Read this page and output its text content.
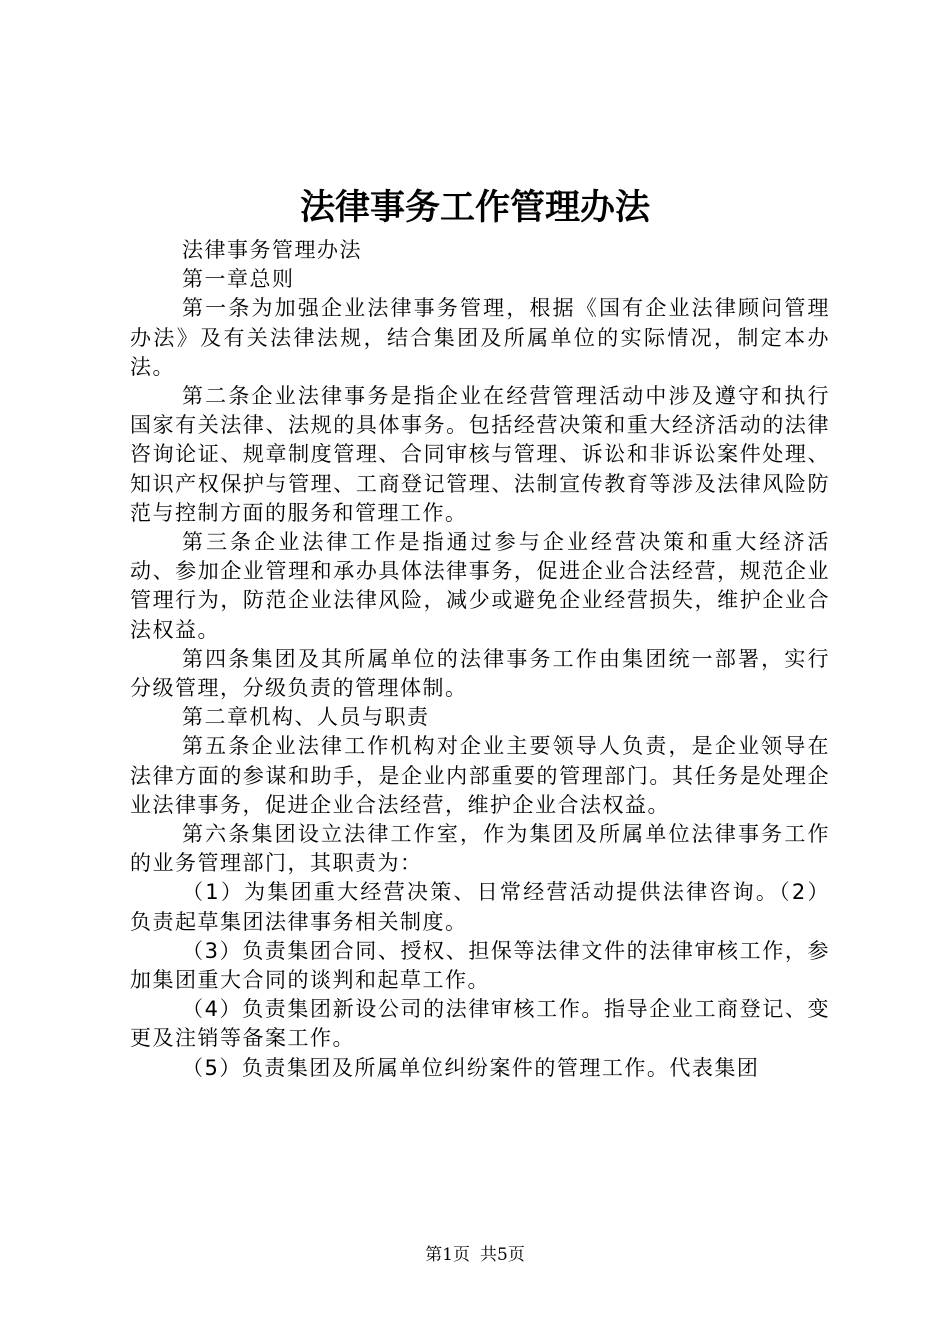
法律事务工作管理办法

法律事务管理办法

第一章总则

第一条为加强企业法律事务管理，根据《国有企业法律顾问管理办法》及有关法律法规，结合集团及所属单位的实际情况，制定本办法。

第二条企业法律事务是指企业在经营管理活动中涉及遵守和执行国家有关法律、法规的具体事务。包括经营决策和重大经济活动的法律咨询论证、规章制度管理、合同审核与管理、诉讼和非诉讼案件处理、知识产权保护与管理、工商登记管理、法制宣传教育等涉及法律风险防范与控制方面的服务和管理工作。

第三条企业法律工作是指通过参与企业经营决策和重大经济活动、参加企业管理和承办具体法律事务，促进企业合法经营，规范企业管理行为，防范企业法律风险，减少或避免企业经营损失，维护企业合法权益。

第四条集团及其所属单位的法律事务工作由集团统一部署，实行分级管理，分级负责的管理体制。

第二章机构、人员与职责

第五条企业法律工作机构对企业主要领导人负责，是企业领导在法律方面的参谋和助手，是企业内部重要的管理部门。其任务是处理企业法律事务，促进企业合法经营，维护企业合法权益。

第六条集团设立法律工作室，作为集团及所属单位法律事务工作的业务管理部门，其职责为：

（1）为集团重大经营决策、日常经营活动提供法律咨询。（2）负责起草集团法律事务相关制度。

（3）负责集团合同、授权、担保等法律文件的法律审核工作，参加集团重大合同的谈判和起草工作。

（4）负责集团新设公司的法律审核工作。指导企业工商登记、变更及注销等备案工作。

（5）负责集团及所属单位纠纷案件的管理工作。代表集团

第1页 共5页
